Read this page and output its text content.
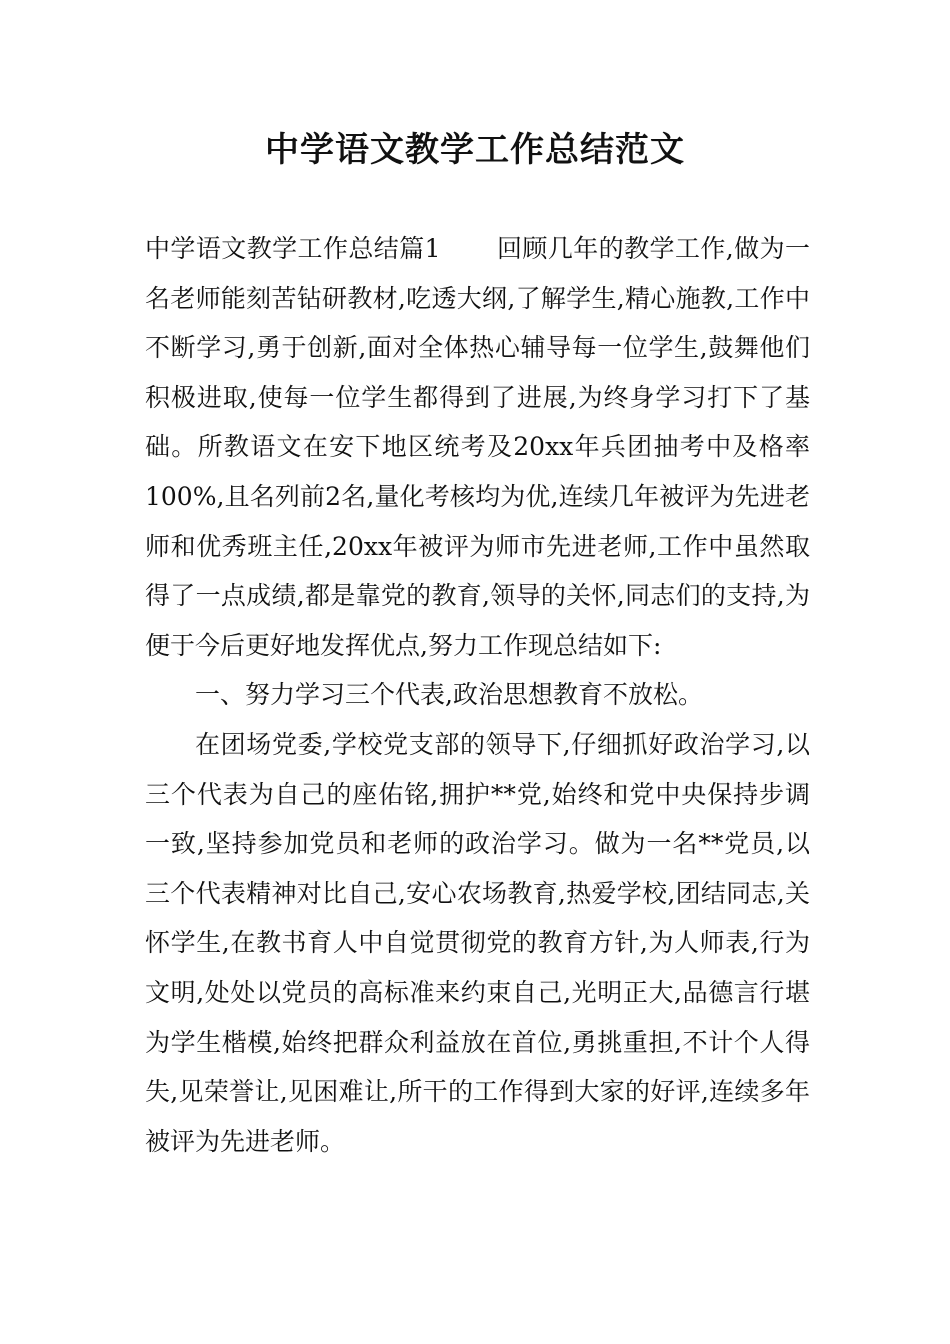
中学语文教学工作总结范文

中学语文教学工作总结篇1 回顾几年的教学工作,做为一名老师能刻苦钻研教材,吃透大纲,了解学生,精心施教,工作中不断学习,勇于创新,面对全体热心辅导每一位学生,鼓舞他们积极进取,使每一位学生都得到了进展,为终身学习打下了基础。所教语文在安下地区统考及20xx年兵团抽考中及格率100%,且名列前2名,量化考核均为优,连续几年被评为先进老师和优秀班主任,20xx年被评为师市先进老师,工作中虽然取得了一点成绩,都是靠党的教育,领导的关怀,同志们的支持,为便于今后更好地发挥优点,努力工作现总结如下:

一、努力学习三个代表,政治思想教育不放松。

在团场党委,学校党支部的领导下,仔细抓好政治学习,以三个代表为自己的座佑铭,拥护**党,始终和党中央保持步调一致,坚持参加党员和老师的政治学习。做为一名**党员,以三个代表精神对比自己,安心农场教育,热爱学校,团结同志,关怀学生,在教书育人中自觉贯彻党的教育方针,为人师表,行为文明,处处以党员的高标准来约束自己,光明正大,品德言行堪为学生楷模,始终把群众利益放在首位,勇挑重担,不计个人得失,见荣誉让,见困难让,所干的工作得到大家的好评,连续多年被评为先进老师。
